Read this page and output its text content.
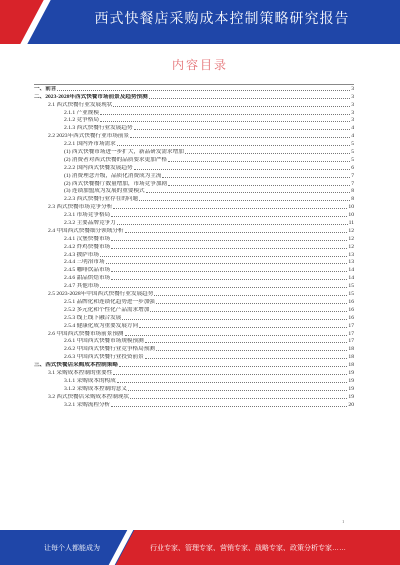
西式快餐店采购成本控制策略研究报告
内容目录
一、前言	3
二、2023-2028年西式快餐市场前景及趋势预测	3
2.1 西式快餐行业发展现状	3
2.1.1 产业规模	3
2.1.2 竞争格局	3
2.1.3 西式快餐行业发展趋势	4
2.2 2023年西式快餐行业市场前景	4
2.2.1 国内外市场需求	5
(1) 西式快餐市场进一步扩大，新品研发需求增加	5
(2) 消费者对西式快餐的品质要求更加严格	5
2.2.2 国内西式快餐发展趋势	6
(1) 消费理念升级，品质化消费成为主流	7
(2) 西式快餐餐厅数量增加，市场竞争加剧	7
(3) 连锁加盟成为发展的重要模式	8
2.2.3 西式快餐行业存在的问题	8
2.3 西式快餐市场竞争分析	10
2.3.1 市场竞争格局	10
2.3.2 主要品牌竞争力	11
2.4 中国西式快餐细分领域分析	12
2.4.1 汉堡快餐市场	12
2.4.2 炸鸡快餐市场	12
2.4.3 披萨市场	13
2.4.4 三明治市场	13
2.4.5 咖啡饮品市场	14
2.4.6 甜品烘焙市场	14
2.4.7 其他市场	15
2.5 2023-2028年中国西式快餐行业发展趋势	15
2.5.1 品牌化和连锁化趋势进一步加强	16
2.5.2 多元化和个性化产品需求增加	16
2.5.3 线上线下融合发展	16
2.5.4 健康化成为重要发展方向	17
2.6 中国西式快餐市场前景预测	17
2.6.1 中国西式快餐市场规模预测	17
2.6.2 中国西式快餐行业竞争格局预测	18
2.6.3 中国西式快餐行业投资前景	18
三、西式快餐店采购成本控制策略	18
3.1 采购成本控制的重要性	19
3.1.1 采购成本的构成	19
3.1.2 采购成本控制的意义	19
3.2 西式快餐店采购成本控制现状	19
3.2.1 采购流程分析	20
1
让每个人都能成为	行业专家、管理专家、营销专家、战略专家、政策分析专家……
